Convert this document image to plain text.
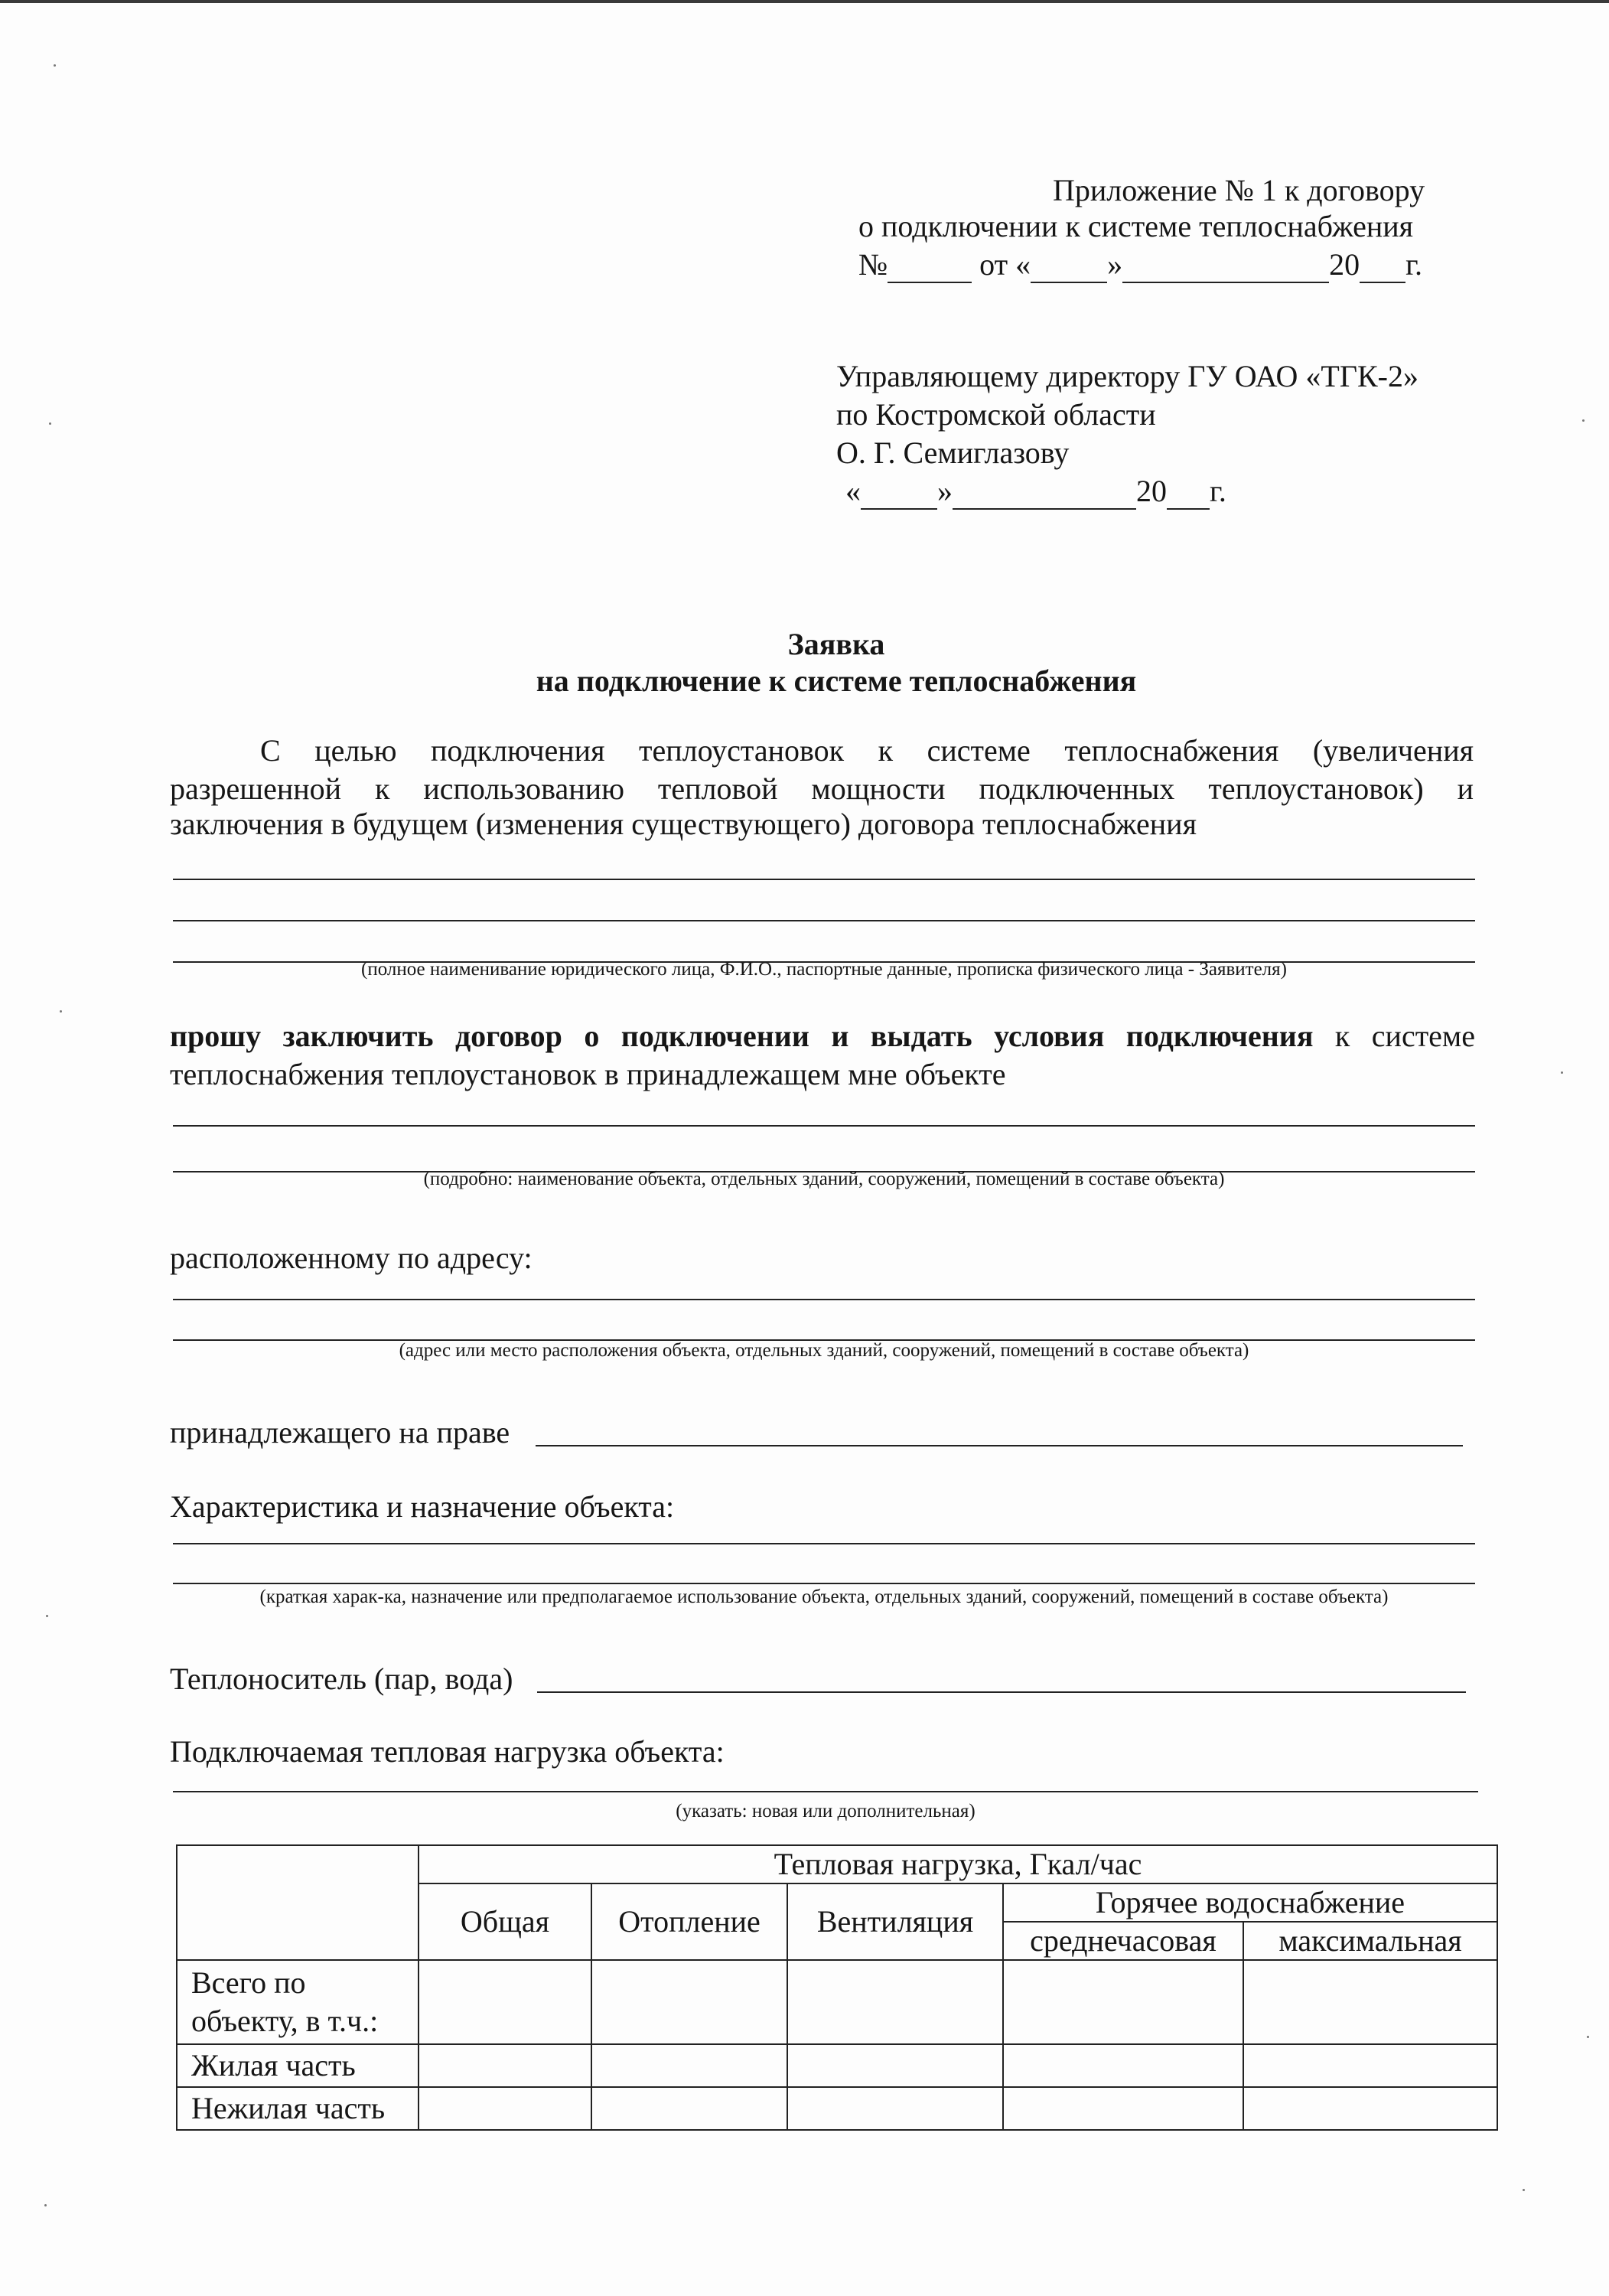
Приложение № 1 к договору
о подключении к системе теплоснабжения
№	от «	»	20 г.
Управляющему директору ГУ ОАО «ТГК-2»
по Костромской области
О. Г. Семиглазову
«	»	20 г.
Заявка
на подключение к системе теплоснабжения
С целью подключения теплоустановок к системе теплоснабжения (увеличения
разрешенной к использованию тепловой мощности подключенных теплоустановок) и
заключения в будущем (изменения существующего) договора теплоснабжения
(полное наименивание юридического лица, Ф.И.О., паспортные данные, прописка физического лица - Заявителя)
прошу заключить договор о подключении и выдать условия подключения к системе
теплоснабжения теплоустановок в принадлежащем мне объекте
(подробно: наименование объекта, отдельных зданий, сооружений, помещений в составе объекта)
расположенному по адресу:
(адрес или место расположения объекта, отдельных зданий, сооружений, помещений в составе объекта)
принадлежащего на праве
Характеристика и назначение объекта:
(краткая харак-ка, назначение или предполагаемое использование объекта, отдельных зданий, сооружений, помещений в составе объекта)
Теплоноситель (пар, вода)
Подключаемая тепловая нагрузка объекта:
(указать: новая или дополнительная)
	Тепловая нагрузка, Гкал/час				
	Общая	Отопление	Вентиляция	Горячее водоснабжение	
				среднечасовая	максимальная
Всего по объекту, в т.ч.:					
Жилая часть					
Нежилая часть					
